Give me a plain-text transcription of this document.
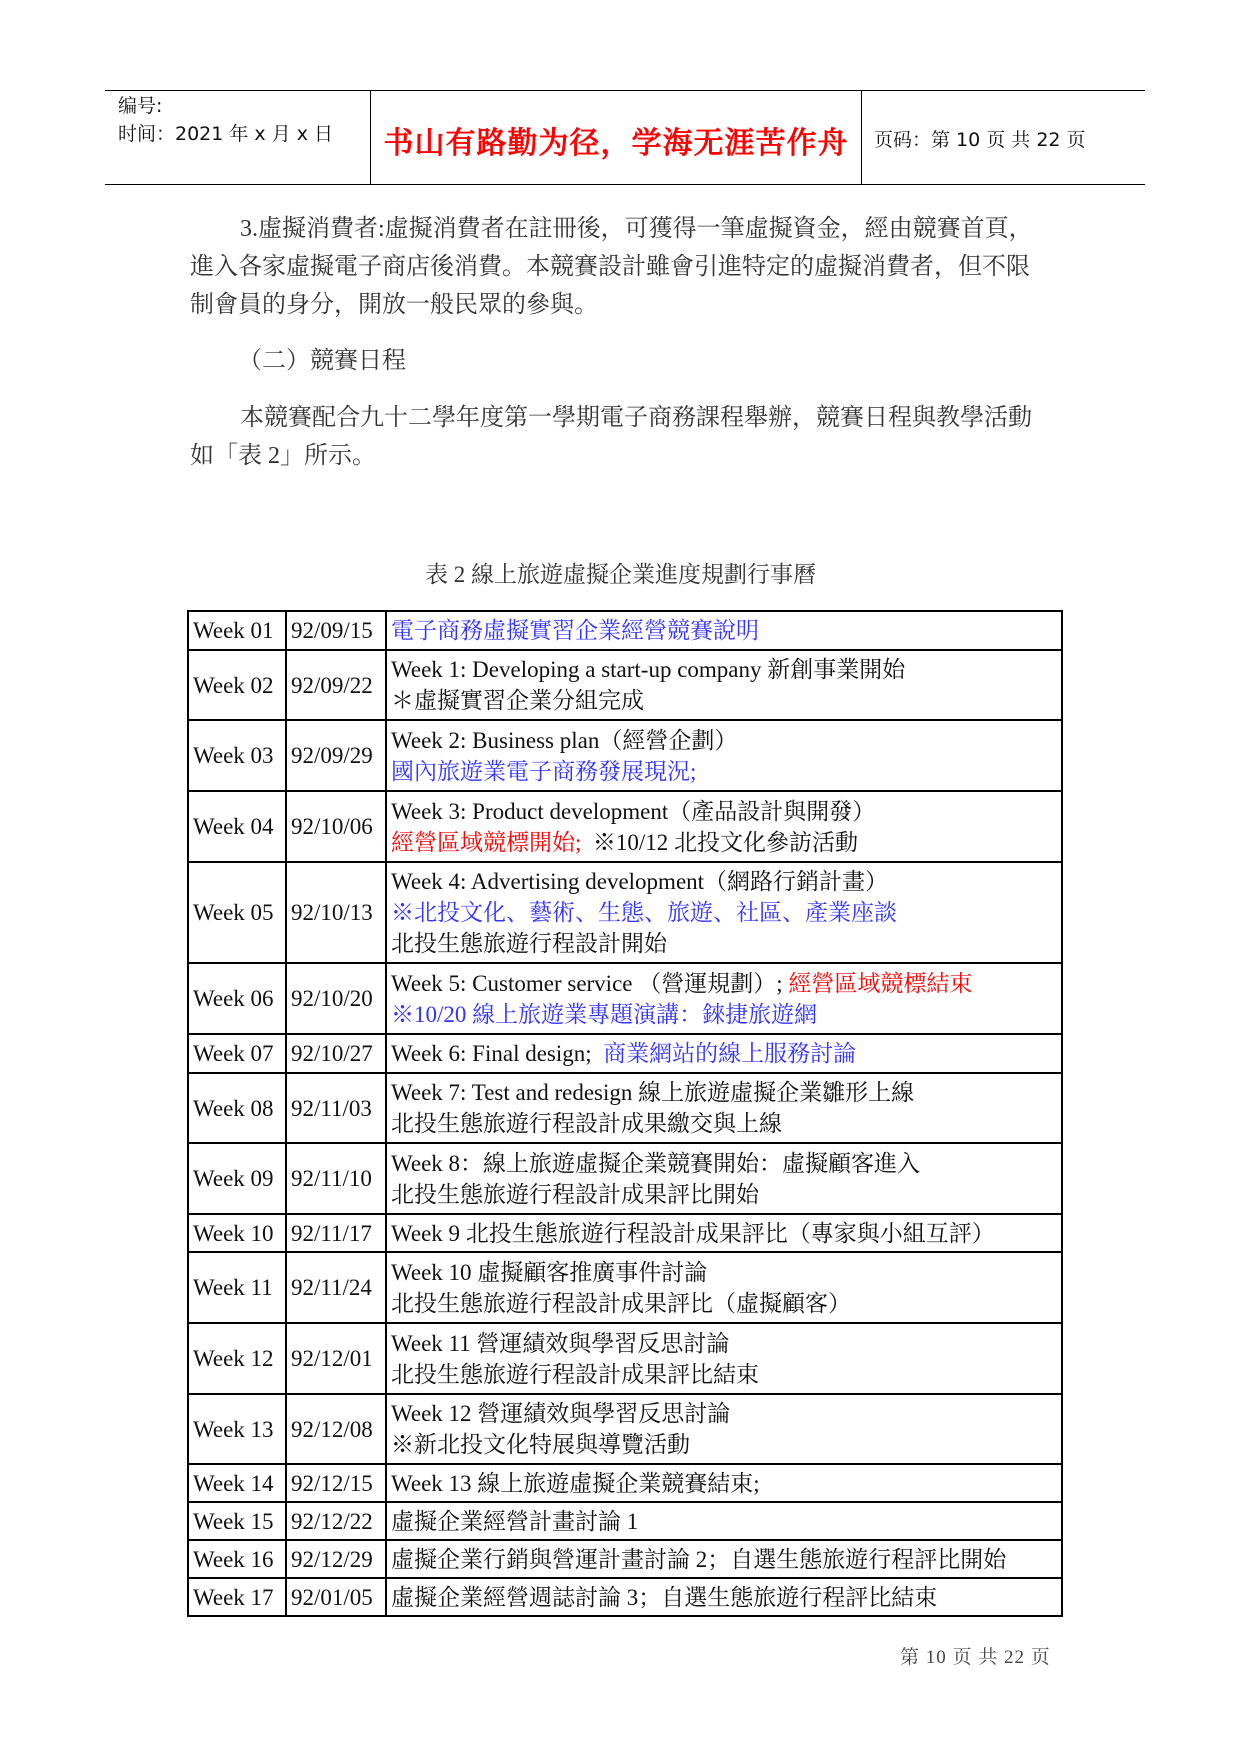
编号:
时间：2021 年 x 月 x 日	书山有路勤为径，学海无涯苦作舟	页码：第 10 页 共 22 页
3.虛擬消費者:虛擬消費者在註冊後，可獲得一筆虛擬資金，經由競賽首頁，
進入各家虛擬電子商店後消費。本競賽設計雖會引進特定的虛擬消費者，但不限
制會員的身分，開放一般民眾的參與。
（二）競賽日程
本競賽配合九十二學年度第一學期電子商務課程舉辦，競賽日程與教學活動
如「表 2」所示。
表 2 線上旅遊虛擬企業進度規劃行事曆
Week 01	92/09/15	電子商務虛擬實習企業經營競賽說明

Week 02	92/09/22	Week 1: Developing a start-up company 新創事業開始
＊虛擬實習企業分組完成

Week 03	92/09/29	Week 2: Business plan（經營企劃）
國內旅遊業電子商務發展現況;

Week 04	92/10/06	Week 3: Product development（產品設計與開發）
經營區域競標開始;  ※10/12 北投文化參訪活動

Week 05	92/10/13	Week 4: Advertising development（網路行銷計畫）
※北投文化、藝術、生態、旅遊、社區、產業座談
北投生態旅遊行程設計開始

Week 06	92/10/20	Week 5: Customer service （營運規劃）; 經營區域競標結束
※10/20 線上旅遊業專題演講：錸捷旅遊網

Week 07	92/10/27	Week 6: Final design;  商業網站的線上服務討論

Week 08	92/11/03	Week 7: Test and redesign 線上旅遊虛擬企業雛形上線
北投生態旅遊行程設計成果繳交與上線

Week 09	92/11/10	Week 8：線上旅遊虛擬企業競賽開始：虛擬顧客進入
北投生態旅遊行程設計成果評比開始

Week 10	92/11/17	Week 9 北投生態旅遊行程設計成果評比（專家與小組互評）

Week 11	92/11/24	Week 10 虛擬顧客推廣事件討論
北投生態旅遊行程設計成果評比（虛擬顧客）

Week 12	92/12/01	Week 11 營運績效與學習反思討論
北投生態旅遊行程設計成果評比結束

Week 13	92/12/08	Week 12 營運績效與學習反思討論
※新北投文化特展與導覽活動

Week 14	92/12/15	Week 13 線上旅遊虛擬企業競賽結束;

Week 15	92/12/22	虛擬企業經營計畫討論 1

Week 16	92/12/29	虛擬企業行銷與營運計畫討論 2；自選生態旅遊行程評比開始

Week 17	92/01/05	虛擬企業經營週誌討論 3；自選生態旅遊行程評比結束
第 10 页 共 22 页
